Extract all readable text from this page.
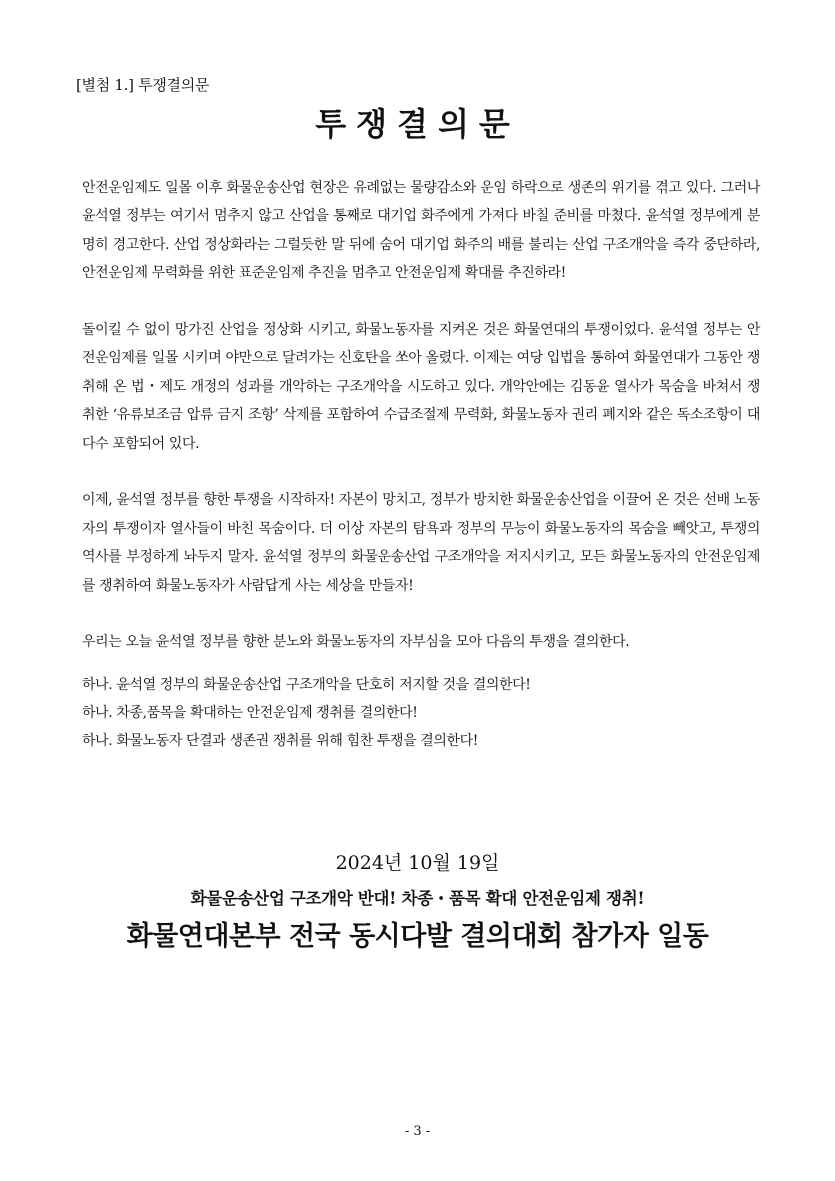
[별첨 1.] 투쟁결의문
투쟁결의문

안전운임제도 일몰 이후 화물운송산업 현장은 유례없는 물량감소와 운임 하락으로 생존의 위기를 겪고 있다. 그러나 윤석열 정부는 여기서 멈추지 않고 산업을 통째로 대기업 화주에게 가져다 바칠 준비를 마쳤다. 윤석열 정부에게 분명히 경고한다. 산업 정상화라는 그럴듯한 말 뒤에 숨어 대기업 화주의 배를 불리는 산업 구조개악을 즉각 중단하라, 안전운임제 무력화를 위한 표준운임제 추진을 멈추고 안전운임제 확대를 추진하라!

돌이킬 수 없이 망가진 산업을 정상화 시키고, 화물노동자를 지켜온 것은 화물연대의 투쟁이었다. 윤석열 정부는 안전운임제를 일몰 시키며 야만으로 달려가는 신호탄을 쏘아 올렸다. 이제는 여당 입법을 통하여 화물연대가 그동안 쟁취해 온 법・제도 개정의 성과를 개악하는 구조개악을 시도하고 있다. 개악안에는 김동윤 열사가 목숨을 바쳐서 쟁취한 ‘유류보조금 압류 금지 조항’ 삭제를 포함하여 수급조절제 무력화, 화물노동자 권리 폐지와 같은 독소조항이 대다수 포함되어 있다.

이제, 윤석열 정부를 향한 투쟁을 시작하자! 자본이 망치고, 정부가 방치한 화물운송산업을 이끌어 온 것은 선배 노동자의 투쟁이자 열사들이 바친 목숨이다. 더 이상 자본의 탐욕과 정부의 무능이 화물노동자의 목숨을 빼앗고, 투쟁의 역사를 부정하게 놔두지 말자. 윤석열 정부의 화물운송산업 구조개악을 저지시키고, 모든 화물노동자의 안전운임제를 쟁취하여 화물노동자가 사람답게 사는 세상을 만들자!

우리는 오늘 윤석열 정부를 향한 분노와 화물노동자의 자부심을 모아 다음의 투쟁을 결의한다.

하나. 윤석열 정부의 화물운송산업 구조개악을 단호히 저지할 것을 결의한다!
하나. 차종,품목을 확대하는 안전운임제 쟁취를 결의한다!
하나. 화물노동자 단결과 생존권 쟁취를 위해 힘찬 투쟁을 결의한다!
2024년 10월 19일
화물운송산업 구조개악 반대! 차종・품목 확대 안전운임제 쟁취!
화물연대본부 전국 동시다발 결의대회 참가자 일동
- 3 -
